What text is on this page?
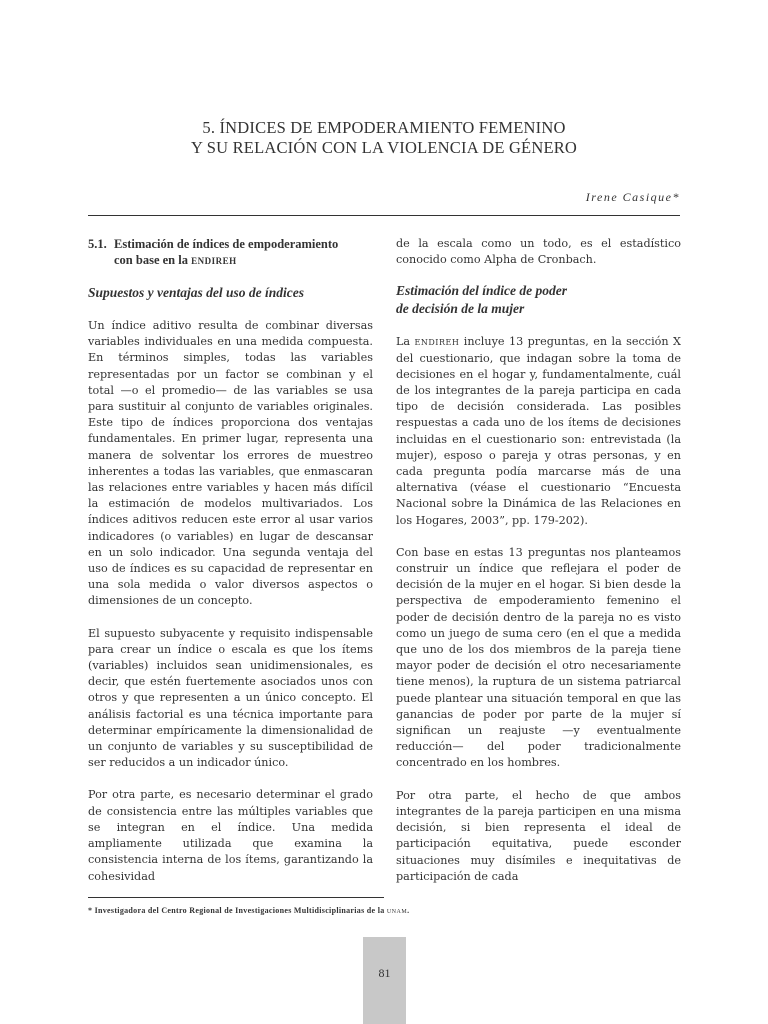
5. ÍNDICES DE EMPODERAMIENTO FEMENINO
Y SU RELACIÓN CON LA VIOLENCIA DE GÉNERO
Irene Casique*
5.1. Estimación de índices de empoderamiento
con base en la endireh
Supuestos y ventajas del uso de índices

Un índice aditivo resulta de combinar diversas variables individuales en una medida compuesta. En términos simples, todas las variables representadas por un factor se combinan y el total —o el promedio— de las variables se usa para sustituir al conjunto de variables originales. Este tipo de índices proporciona dos ventajas fundamentales. En primer lugar, representa una manera de solventar los errores de muestreo inherentes a todas las variables, que enmascaran las relaciones entre variables y hacen más difícil la estimación de modelos multivariados. Los índices aditivos reducen este error al usar varios indicadores (o variables) en lugar de descansar en un solo indicador. Una segunda ventaja del uso de índices es su capacidad de representar en una sola medida o valor diversos aspectos o dimensiones de un concepto.

El supuesto subyacente y requisito indispensable para crear un índice o escala es que los ítems (variables) incluidos sean unidimensionales, es decir, que estén fuertemente asociados unos con otros y que representen a un único concepto. El análisis factorial es una técnica importante para determinar empíricamente la dimensionalidad de un conjunto de variables y su susceptibilidad de ser reducidos a un indicador único.

Por otra parte, es necesario determinar el grado de consistencia entre las múltiples variables que se integran en el índice. Una medida ampliamente utilizada que examina la consistencia interna de los ítems, garantizando la cohesividad

de la escala como un todo, es el estadístico conocido como Alpha de Cronbach.

Estimación del índice de poder
de decisión de la mujer

La endireh incluye 13 preguntas, en la sección X del cuestionario, que indagan sobre la toma de decisiones en el hogar y, fundamentalmente, cuál de los integrantes de la pareja participa en cada tipo de decisión considerada. Las posibles respuestas a cada uno de los ítems de decisiones incluidas en el cuestionario son: entrevistada (la mujer), esposo o pareja y otras personas, y en cada pregunta podía marcarse más de una alternativa (véase el cuestionario “Encuesta Nacional sobre la Dinámica de las Relaciones en los Hogares, 2003”, pp. 179-202).

Con base en estas 13 preguntas nos planteamos construir un índice que reflejara el poder de decisión de la mujer en el hogar. Si bien desde la perspectiva de empoderamiento femenino el poder de decisión dentro de la pareja no es visto como un juego de suma cero (en el que a medida que uno de los dos miembros de la pareja tiene mayor poder de decisión el otro necesariamente tiene menos), la ruptura de un sistema patriarcal puede plantear una situación temporal en que las ganancias de poder por parte de la mujer sí significan un reajuste —y eventualmente reducción— del poder tradicionalmente concentrado en los hombres.

Por otra parte, el hecho de que ambos integrantes de la pareja participen en una misma decisión, si bien representa el ideal de participación equitativa, puede esconder situaciones muy disímiles e inequitativas de participación de cada

* Investigadora del Centro Regional de Investigaciones Multidisciplinarias de la unam.
81
